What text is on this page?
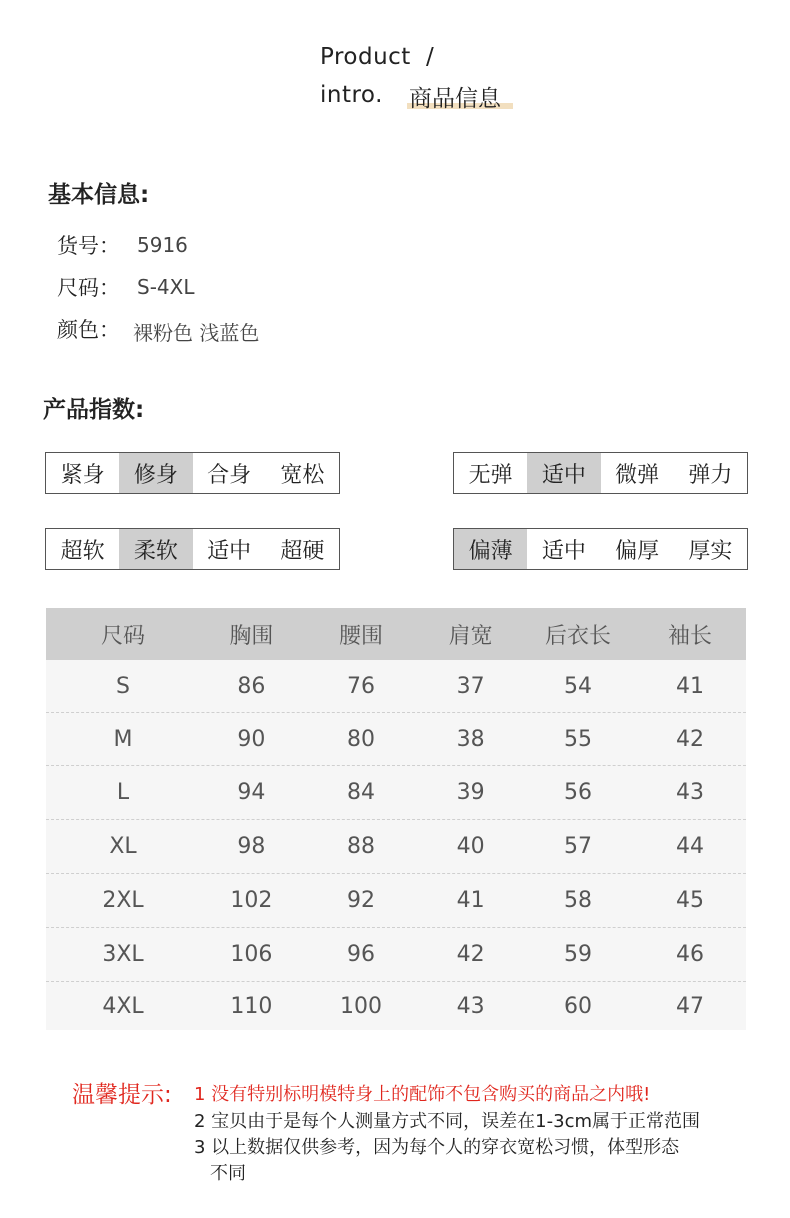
Product /
intro. 商品信息
基本信息:
货号： 5916
尺码： S-4XL
颜色： 裸粉色 浅蓝色
产品指数:
紧身	修身	合身	宽松	无弹	适中	微弹	弹力
超软	柔软	适中	超硬	偏薄	适中	偏厚	厚实
尺码	胸围	腰围	肩宽	后衣长	袖长
S	86	76	37	54	41
M	90	80	38	55	42
L	94	84	39	56	43
XL	98	88	40	57	44
2XL	102	92	41	58	45
3XL	106	96	42	59	46
4XL	110	100	43	60	47
温馨提示: 1 没有特别标明模特身上的配饰不包含购买的商品之内哦!
2 宝贝由于是每个人测量方式不同，误差在1-3cm属于正常范围
3 以上数据仅供参考，因为每个人的穿衣宽松习惯，体型形态
不同
